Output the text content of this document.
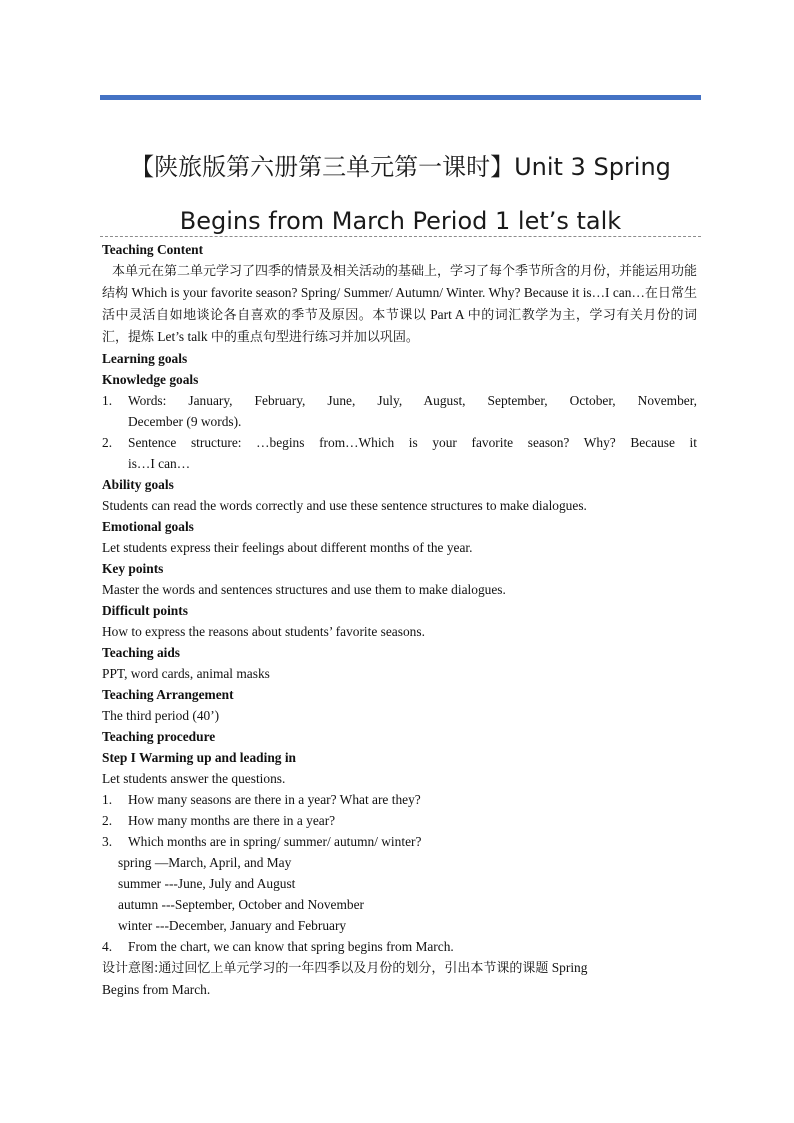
【陕旅版第六册第三单元第一课时】Unit 3 Spring
Begins from March Period 1 let’s talk

Teaching Content

本单元在第二单元学习了四季的情景及相关活动的基础上，学习了每个季节所含的月份，并能运用功能结构 Which is your favorite season? Spring/ Summer/ Autumn/ Winter. Why? Because it is…I can…在日常生活中灵活自如地谈论各自喜欢的季节及原因。本节课以 Part A 中的词汇教学为主，学习有关月份的词汇，提炼 Let’s talk 中的重点句型进行练习并加以巩固。

Learning goals

Knowledge goals

1.	Words: January, February, June, July, August, September, October, November,
December (9 words).
2.	Sentence structure: …begins from…Which is your favorite season? Why? Because it
is…I can…

Ability goals

Students can read the words correctly and use these sentence structures to make dialogues.

Emotional goals

Let students express their feelings about different months of the year.

Key points

Master the words and sentences structures and use them to make dialogues.

Difficult points

How to express the reasons about students’ favorite seasons.

Teaching aids

PPT, word cards, animal masks

Teaching Arrangement

The third period (40’)

Teaching procedure

Step I Warming up and leading in

Let students answer the questions.

1.	How many seasons are there in a year? What are they?
2.	How many months are there in a year?
3.	Which months are in spring/ summer/ autumn/ winter?

spring —March, April, and May

summer ---June, July and August

autumn ---September, October and November

winter ---December, January and February

4.	From the chart, we can know that spring begins from March.

设计意图:通过回忆上单元学习的一年四季以及月份的划分，引出本节课的课题 Spring

Begins from March.
